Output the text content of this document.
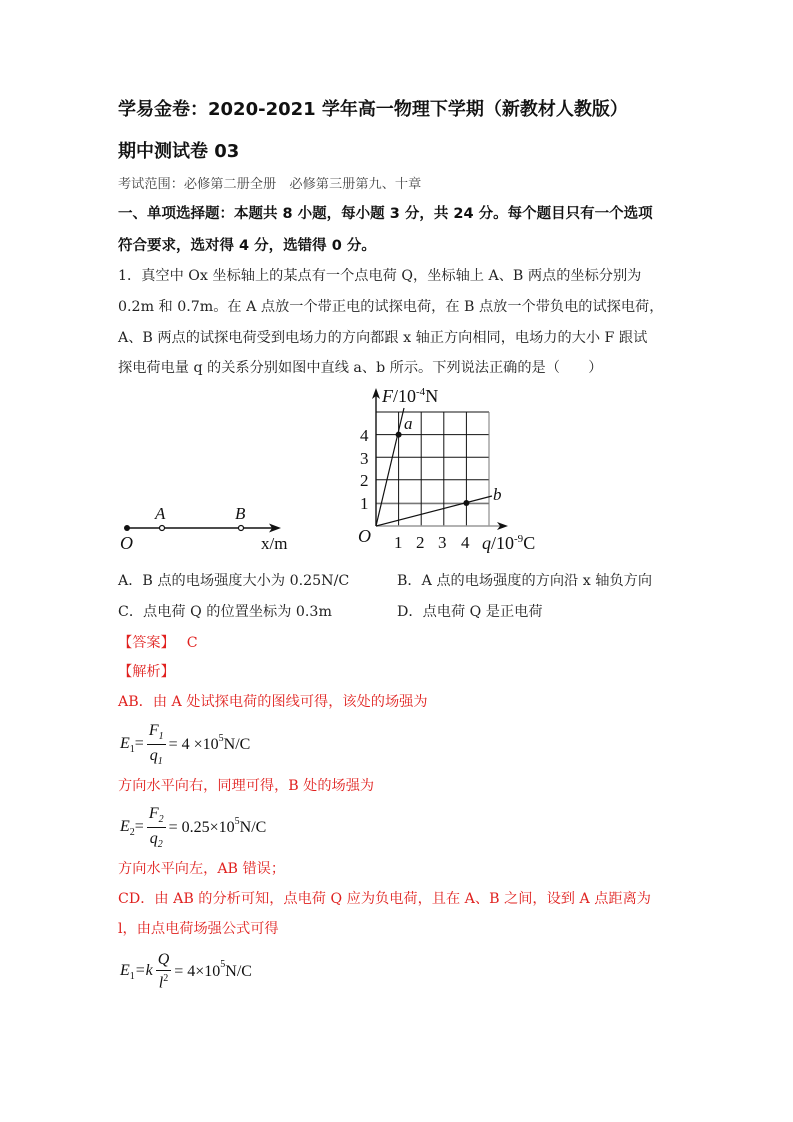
学易金卷：2020-2021 学年高一物理下学期（新教材人教版）
期中测试卷 03
考试范围：必修第二册全册　必修第三册第九、十章
一、单项选择题：本题共 8 小题，每小题 3 分，共 24 分。每个题目只有一个选项
符合要求，选对得 4 分，选错得 0 分。
1．真空中 Ox 坐标轴上的某点有一个点电荷 Q，坐标轴上 A、B 两点的坐标分别为
0.2m 和 0.7m。在 A 点放一个带正电的试探电荷，在 B 点放一个带负电的试探电荷，
A、B 两点的试探电荷受到电场力的方向都跟 x 轴正方向相同，电场力的大小 F 跟试
探电荷电量 q 的关系分别如图中直线 a、b 所示。下列说法正确的是（　　）
A	B
O	x/m
a
b
$F/10^{-4}N$
4
3
2
1
O 1 2 3 4 $q/10^{-9}C$
A．B 点的电场强度大小为 0.25N/C	B．A 点的电场强度的方向沿 x 轴负方向
C．点电荷 Q 的位置坐标为 0.3m	D．点电荷 Q 是正电荷
【答案】 C
【解析】
AB．由 A 处试探电荷的图线可得，该处的场强为
$E_1= \frac{F_1}{q_1} = 4 \times 10^5$ N/C
方向水平向右，同理可得，B 处的场强为
$E_2= \frac{F_2}{q_2} = 0.25\times 10^5$ N/C
方向水平向左，AB 错误；
CD．由 AB 的分析可知，点电荷 Q 应为负电荷，且在 A、B 之间，设到 A 点距离为
l，由点电荷场强公式可得
$E_1=k \frac{Q}{l^2} = 4\times 10^5$ N/C
